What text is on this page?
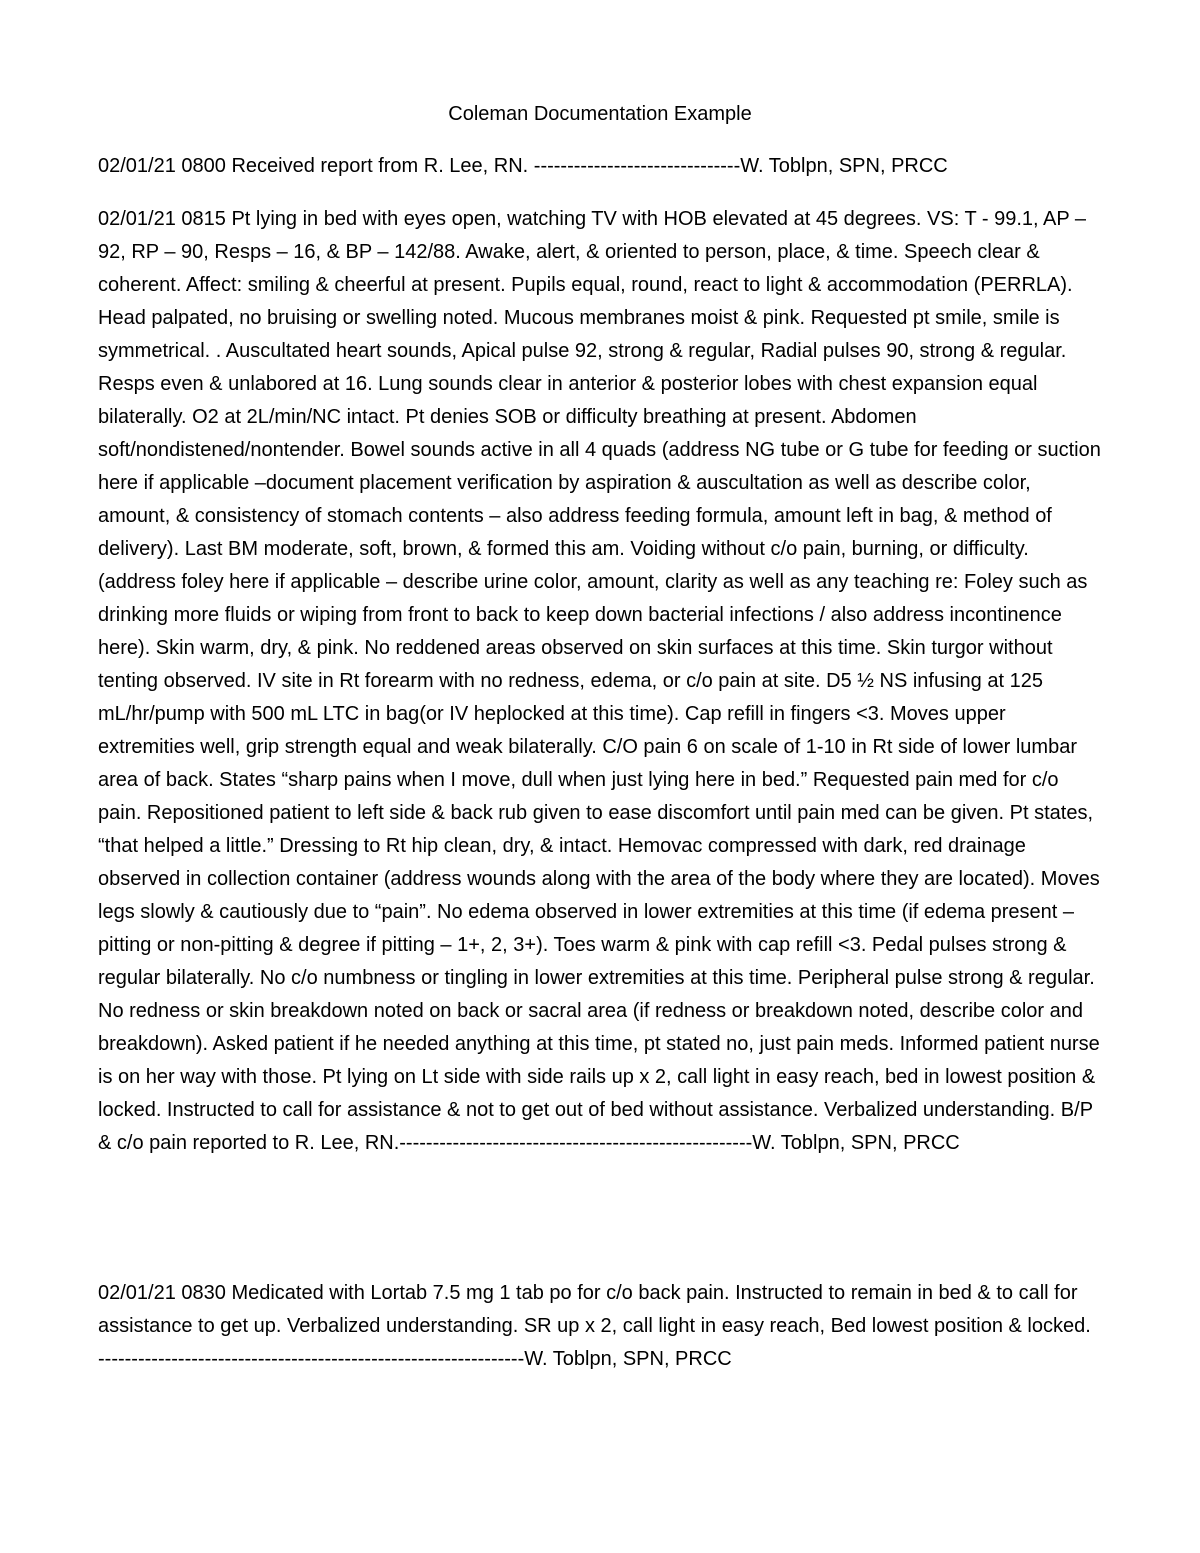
Coleman Documentation Example
02/01/21 0800 Received report from R. Lee, RN. -------------------------------W. Toblpn, SPN, PRCC
02/01/21 0815 Pt lying in bed with eyes open, watching TV with HOB elevated at 45 degrees. VS: T - 99.1, AP – 92, RP – 90, Resps – 16, & BP – 142/88. Awake, alert, & oriented to person, place, & time. Speech clear & coherent. Affect: smiling & cheerful at present. Pupils equal, round, react to light & accommodation (PERRLA). Head palpated, no bruising or swelling noted. Mucous membranes moist & pink. Requested pt smile, smile is symmetrical. . Auscultated heart sounds, Apical pulse 92, strong & regular, Radial pulses 90, strong & regular. Resps even & unlabored at 16. Lung sounds clear in anterior & posterior lobes with chest expansion equal bilaterally. O2 at 2L/min/NC intact. Pt denies SOB or difficulty breathing at present. Abdomen soft/nondistened/nontender. Bowel sounds active in all 4 quads (address NG tube or G tube for feeding or suction here if applicable –document placement verification by aspiration & auscultation as well as describe color, amount, & consistency of stomach contents – also address feeding formula, amount left in bag, & method of delivery). Last BM moderate, soft, brown, & formed this am. Voiding without c/o pain, burning, or difficulty. (address foley here if applicable – describe urine color, amount, clarity as well as any teaching re: Foley such as drinking more fluids or wiping from front to back to keep down bacterial infections / also address incontinence here). Skin warm, dry, & pink. No reddened areas observed on skin surfaces at this time. Skin turgor without tenting observed. IV site in Rt forearm with no redness, edema, or c/o pain at site. D5 ½ NS infusing at 125 mL/hr/pump with 500 mL LTC in bag(or IV heplocked at this time). Cap refill in fingers <3. Moves upper extremities well, grip strength equal and weak bilaterally. C/O pain 6 on scale of 1-10 in Rt side of lower lumbar area of back. States “sharp pains when I move, dull when just lying here in bed.” Requested pain med for c/o pain. Repositioned patient to left side & back rub given to ease discomfort until pain med can be given. Pt states, “that helped a little.” Dressing to Rt hip clean, dry, & intact. Hemovac compressed with dark, red drainage observed in collection container (address wounds along with the area of the body where they are located). Moves legs slowly & cautiously due to “pain”. No edema observed in lower extremities at this time (if edema present – pitting or non-pitting & degree if pitting – 1+, 2, 3+). Toes warm & pink with cap refill <3. Pedal pulses strong & regular bilaterally. No c/o numbness or tingling in lower extremities at this time. Peripheral pulse strong & regular. No redness or skin breakdown noted on back or sacral area (if redness or breakdown noted, describe color and breakdown). Asked patient if he needed anything at this time, pt stated no, just pain meds. Informed patient nurse is on her way with those. Pt lying on Lt side with side rails up x 2, call light in easy reach, bed in lowest position & locked. Instructed to call for assistance & not to get out of bed without assistance. Verbalized understanding. B/P & c/o pain reported to R. Lee, RN.-----------------------------------------------------W. Toblpn, SPN, PRCC
02/01/21 0830 Medicated with Lortab 7.5 mg 1 tab po for c/o back pain. Instructed to remain in bed & to call for assistance to get up. Verbalized understanding. SR up x 2, call light in easy reach, Bed lowest position & locked. ----------------------------------------------------------------W. Toblpn, SPN, PRCC
